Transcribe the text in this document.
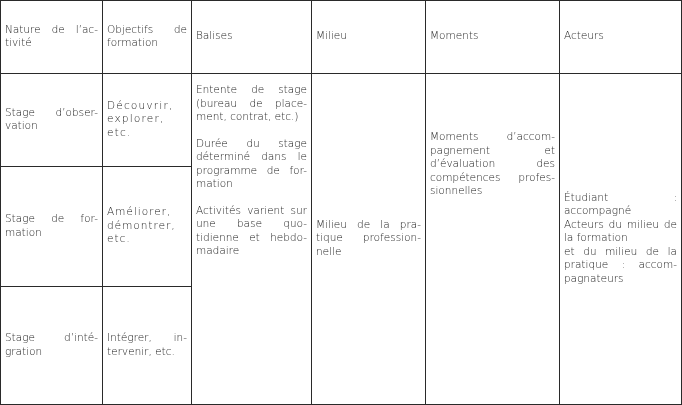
Nature de l’ac- tivité	Objectifs de formation	Balises	Milieu	Moments	Acteurs

Stage d’obser- vation	Découvrir, explorer, etc.	Entente de stage (bureau de place- ment, contrat, etc.)
Durée du stage déterminé dans le programme de for- mation
Activités varient sur une base quo- tidienne et hebdo- madaire	Milieu de la pra- tique profession- nelle	Moments d’accom- pagnement et d’évaluation des compétences profes- sionnelles	Étudiant : accompagné
Acteurs du milieu de la formation
et du milieu de la pratique : accom- pagnateurs

Stage de for- mation	Améliorer, démontrer, etc.				

Stage d’inté- gration	Intégrer, in- tervenir, etc.				
